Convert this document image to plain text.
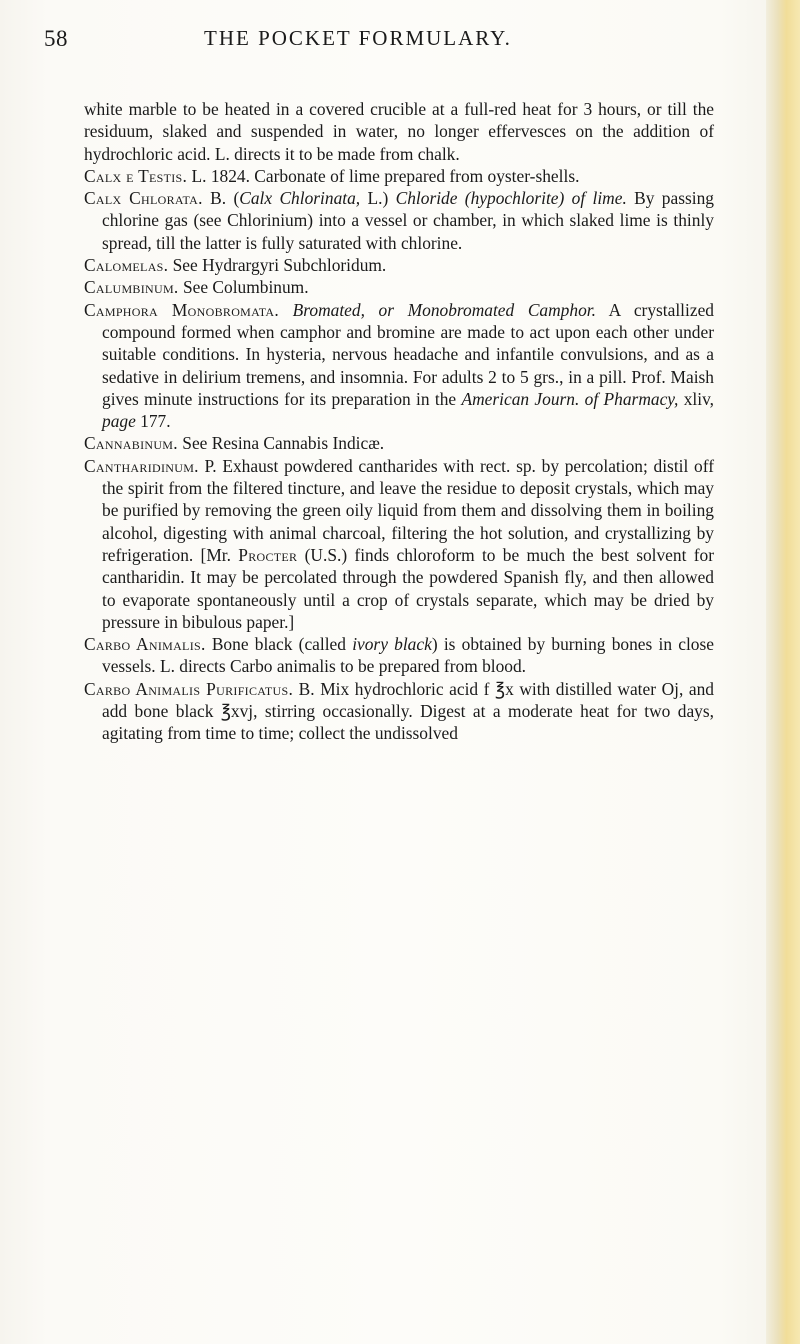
58	THE POCKET FORMULARY.

white marble to be heated in a covered crucible at a full-red heat for 3 hours, or till the residuum, slaked and suspended in water, no longer effervesces on the addition of hydrochloric acid. L. directs it to be made from chalk.

Calx e Testis. L. 1824. Carbonate of lime prepared from oyster-shells.

Calx Chlorata. B. (Calx Chlorinata, L.) Chloride (hypochlorite) of lime. By passing chlorine gas (see Chlorinium) into a vessel or chamber, in which slaked lime is thinly spread, till the latter is fully saturated with chlorine.

Calomelas. See Hydrargyri Subchloridum.

Calumbinum. See Columbinum.

Camphora Monobromata. Bromated, or Monobromated Camphor. A crystallized compound formed when camphor and bromine are made to act upon each other under suitable conditions. In hysteria, nervous headache and infantile convulsions, and as a sedative in delirium tremens, and insomnia. For adults 2 to 5 grs., in a pill. Prof. Maish gives minute instructions for its preparation in the American Journ. of Pharmacy, xliv, page 177.

Cannabinum. See Resina Cannabis Indicæ.

Cantharidinum. P. Exhaust powdered cantharides with rect. sp. by percolation; distil off the spirit from the filtered tincture, and leave the residue to deposit crystals, which may be purified by removing the green oily liquid from them and dissolving them in boiling alcohol, digesting with animal charcoal, filtering the hot solution, and crystallizing by refrigeration. [Mr. Procter (U.S.) finds chloroform to be much the best solvent for cantharidin. It may be percolated through the powdered Spanish fly, and then allowed to evaporate spontaneously until a crop of crystals separate, which may be dried by pressure in bibulous paper.]

Carbo Animalis. Bone black (called ivory black) is obtained by burning bones in close vessels. L. directs Carbo animalis to be prepared from blood.

Carbo Animalis Purificatus. B. Mix hydrochloric acid f ℥x with distilled water Oj, and add bone black ℥xvj, stirring occasionally. Digest at a moderate heat for two days, agitating from time to time; collect the undissolved
